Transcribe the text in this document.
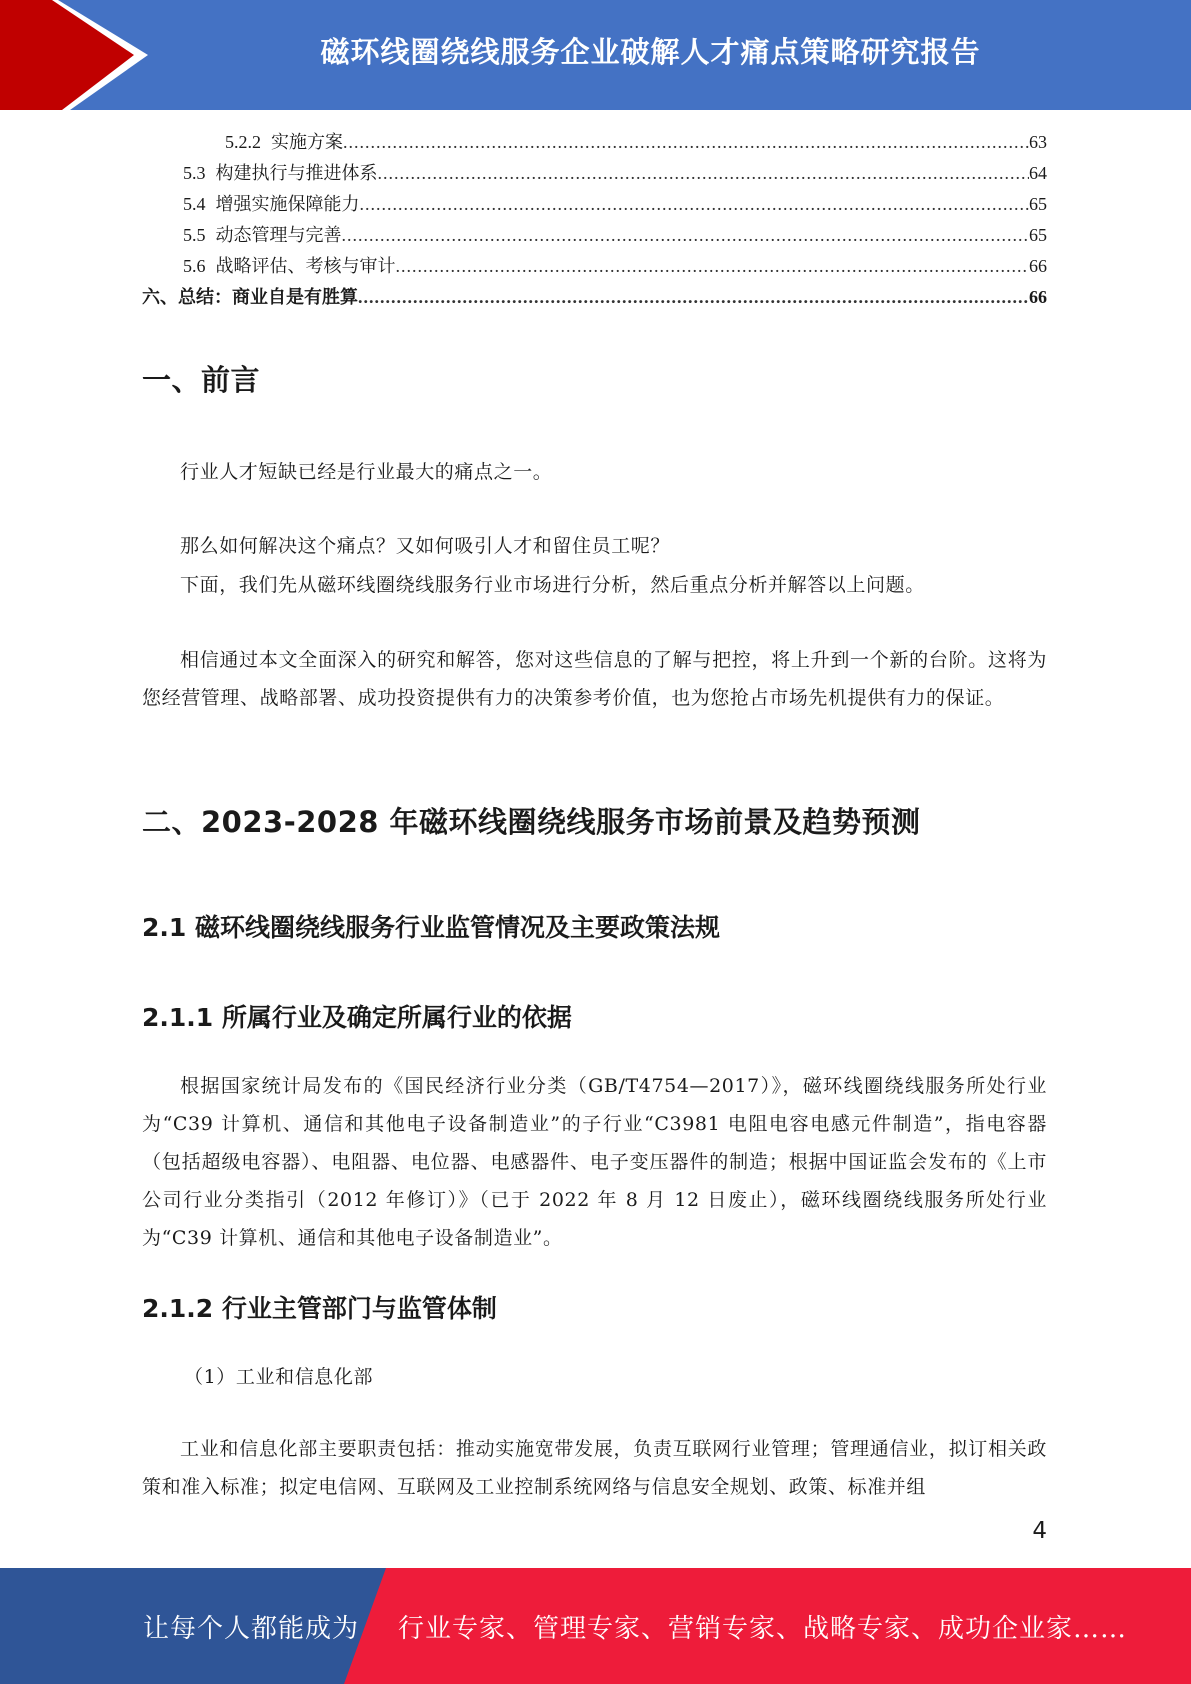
磁环线圈绕线服务企业破解人才痛点策略研究报告
5.2.2 实施方案 .....	63
5.3 构建执行与推进体系 .....	64
5.4 增强实施保障能力 .....	65
5.5 动态管理与完善 .....	65
5.6 战略评估、考核与审计 .....	66
六、总结：商业自是有胜算 .....	66
一、前言

行业人才短缺已经是行业最大的痛点之一。

那么如何解决这个痛点？又如何吸引人才和留住员工呢？

下面，我们先从磁环线圈绕线服务行业市场进行分析，然后重点分析并解答以上问题。

相信通过本文全面深入的研究和解答，您对这些信息的了解与把控，将上升到一个新的台阶。这将为您经营管理、战略部署、成功投资提供有力的决策参考价值，也为您抢占市场先机提供有力的保证。

二、2023-2028 年磁环线圈绕线服务市场前景及趋势预测
2.1 磁环线圈绕线服务行业监管情况及主要政策法规
2.1.1 所属行业及确定所属行业的依据

根据国家统计局发布的《国民经济行业分类（GB/T4754—2017）》，磁环线圈绕线服务所处行业为“C39 计算机、通信和其他电子设备制造业”的子行业“C3981 电阻电容电感元件制造”，指电容器（包括超级电容器）、电阻器、电位器、电感器件、电子变压器件的制造；根据中国证监会发布的《上市公司行业分类指引（2012 年修订）》（已于 2022 年 8 月 12 日废止），磁环线圈绕线服务所处行业为“C39 计算机、通信和其他电子设备制造业”。

2.1.2 行业主管部门与监管体制

（1）工业和信息化部

工业和信息化部主要职责包括：推动实施宽带发展，负责互联网行业管理；管理通信业，拟订相关政策和准入标准；拟定电信网、互联网及工业控制系统网络与信息安全规划、政策、标准并组

4
让每个人都能成为 行业专家、管理专家、营销专家、战略专家、成功企业家……
